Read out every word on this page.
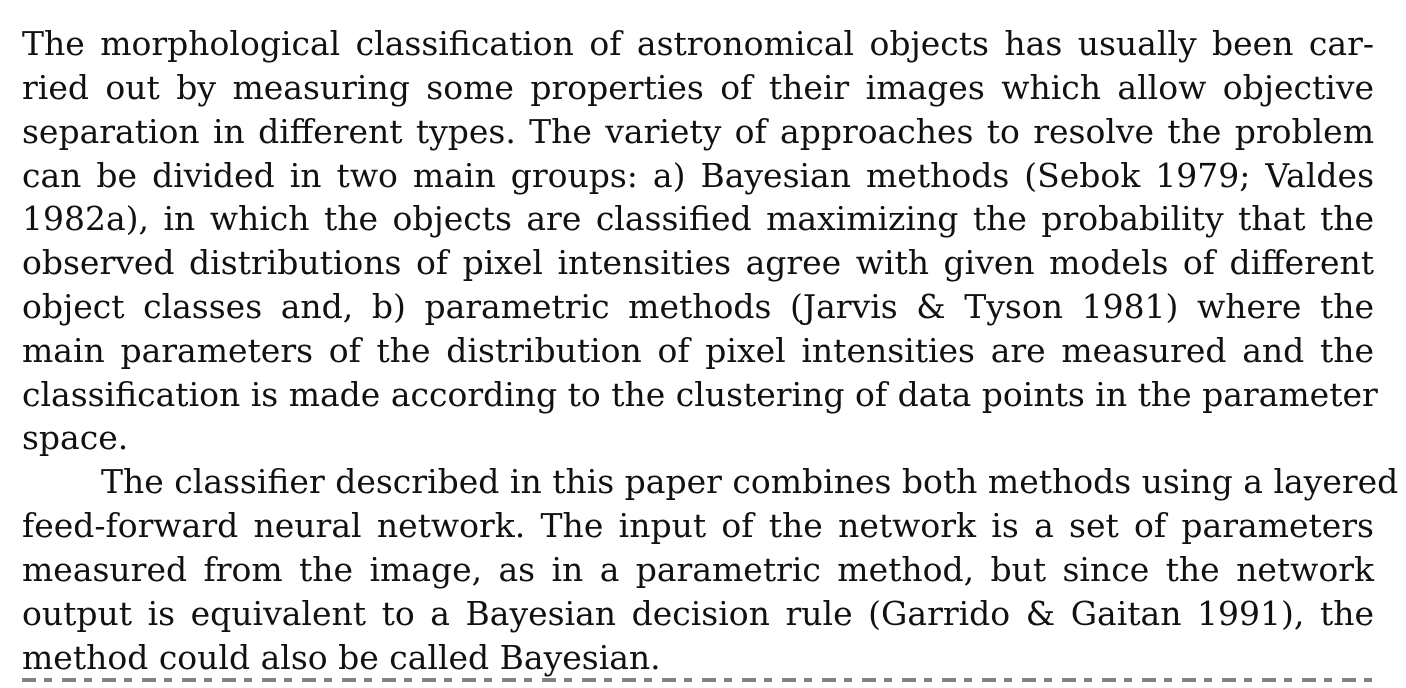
The morphological classification of astronomical objects has usually been car-
ried out by measuring some properties of their images which allow objective
separation in different types. The variety of approaches to resolve the problem
can be divided in two main groups: a) Bayesian methods (Sebok 1979; Valdes
1982a), in which the objects are classified maximizing the probability that the
observed distributions of pixel intensities agree with given models of different
object classes and, b) parametric methods (Jarvis & Tyson 1981) where the
main parameters of the distribution of pixel intensities are measured and the
classification is made according to the clustering of data points in the parameter
space.
The classifier described in this paper combines both methods using a layered
feed-forward neural network. The input of the network is a set of parameters
measured from the image, as in a parametric method, but since the network
output is equivalent to a Bayesian decision rule (Garrido & Gaitan 1991), the
method could also be called Bayesian.
